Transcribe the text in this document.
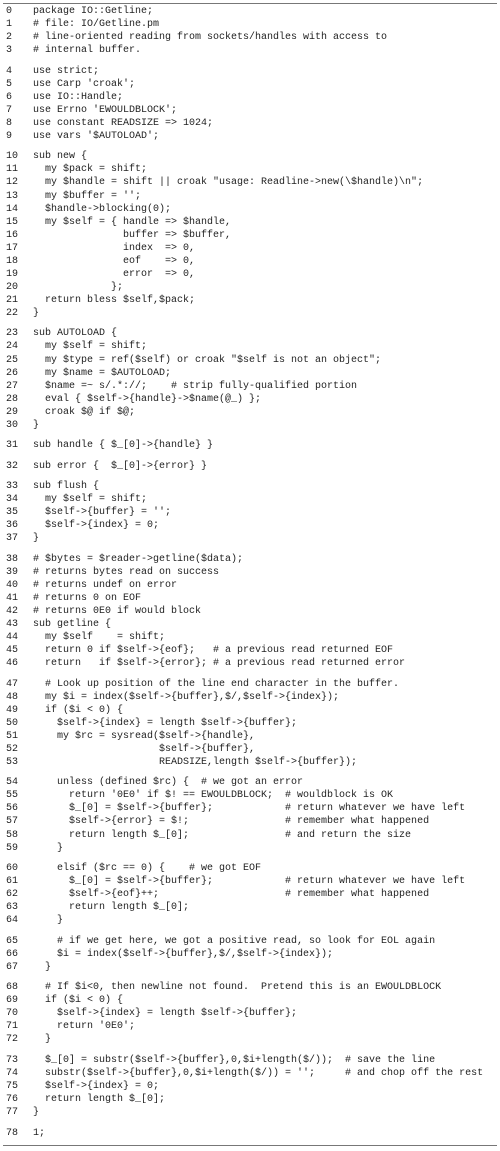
0	package IO::Getline;
1	# file: IO/Getline.pm
2	# line-oriented reading from sockets/handles with access to
3	# internal buffer.
4	use strict;
5	use Carp 'croak';
6	use IO::Handle;
7	use Errno 'EWOULDBLOCK';
8	use constant READSIZE => 1024;
9	use vars '$AUTOLOAD';
10	sub new {
11	my $pack = shift;
12	my $handle = shift || croak "usage: Readline->new(\$handle)\n";
13	my $buffer = '';
14	$handle->blocking(0);
15	my $self = { handle => $handle,
16	buffer => $buffer,
17	index  => 0,
18	eof    => 0,
19	error  => 0,
20	};
21	return bless $self,$pack;
22	}
23	sub AUTOLOAD {
24	my $self = shift;
25	my $type = ref($self) or croak "$self is not an object";
26	my $name = $AUTOLOAD;
27	$name =~ s/.*://;    # strip fully-qualified portion
28	eval { $self->{handle}->$name(@_) };
29	croak $@ if $@;
30	}
31	sub handle { $_[0]->{handle} }
32	sub error {  $_[0]->{error} }
33	sub flush {
34	my $self = shift;
35	$self->{buffer} = '';
36	$self->{index} = 0;
37	}
38	# $bytes = $reader->getline($data);
39	# returns bytes read on success
40	# returns undef on error
41	# returns 0 on EOF
42	# returns 0E0 if would block
43	sub getline {
44	my $self    = shift;
45	return 0 if $self->{eof};   # a previous read returned EOF
46	return   if $self->{error}; # a previous read returned error
47	# Look up position of the line end character in the buffer.
48	my $i = index($self->{buffer},$/,$self->{index});
49	if ($i < 0) {
50	$self->{index} = length $self->{buffer};
51	my $rc = sysread($self->{handle},
52	$self->{buffer},
53	READSIZE,length $self->{buffer});
54	unless (defined $rc) {  # we got an error
55	return '0E0' if $! == EWOULDBLOCK;  # wouldblock is OK
56	$_[0] = $self->{buffer};            # return whatever we have left
57	$self->{error} = $!;                # remember what happened
58	return length $_[0];                # and return the size
59	}
60	elsif ($rc == 0) {    # we got EOF
61	$_[0] = $self->{buffer};            # return whatever we have left
62	$self->{eof}++;                     # remember what happened
63	return length $_[0];
64	}
65	# if we get here, we got a positive read, so look for EOL again
66	$i = index($self->{buffer},$/,$self->{index});
67	}
68	# If $i<0, then newline not found.  Pretend this is an EWOULDBLOCK
69	if ($i < 0) {
70	$self->{index} = length $self->{buffer};
71	return '0E0';
72	}
73	$_[0] = substr($self->{buffer},0,$i+length($/));  # save the line
74	substr($self->{buffer},0,$i+length($/)) = '';     # and chop off the rest
75	$self->{index} = 0;
76	return length $_[0];
77	}
78	1;
